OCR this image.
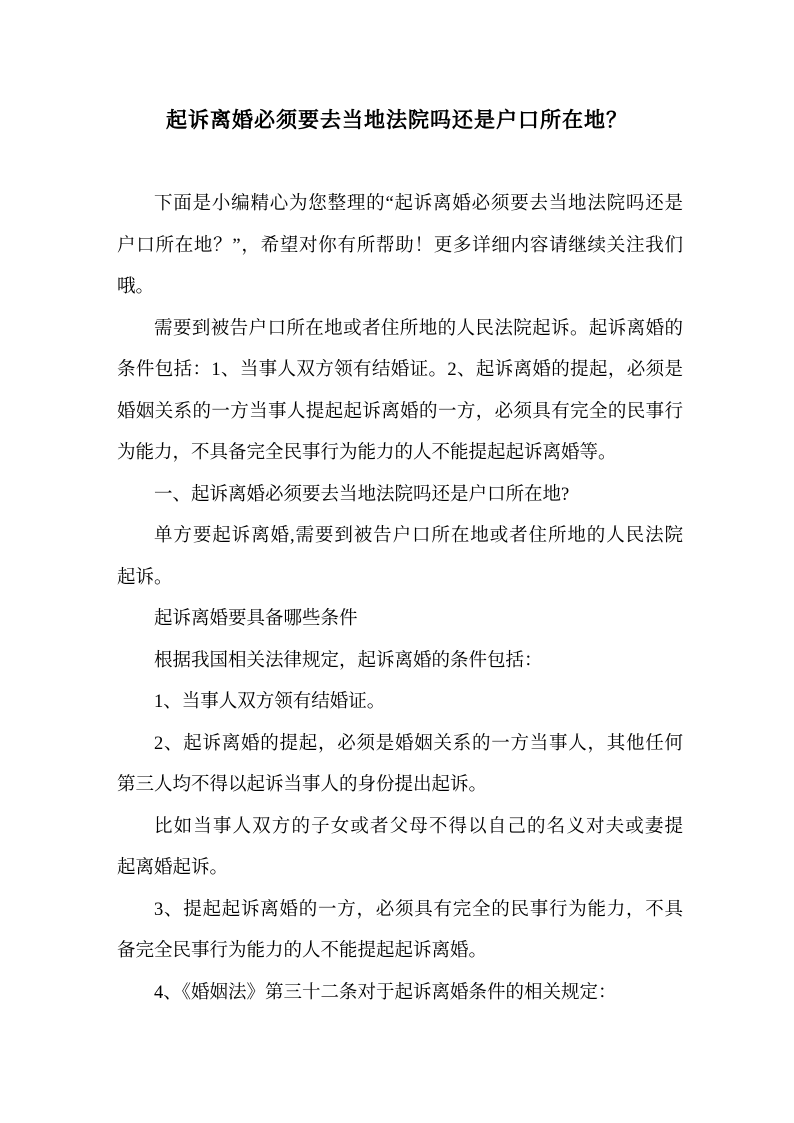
起诉离婚必须要去当地法院吗还是户口所在地？
下面是小编精心为您整理的“起诉离婚必须要去当地法院吗还是
户口所在地？”，希望对你有所帮助！更多详细内容请继续关注我们
哦。
需要到被告户口所在地或者住所地的人民法院起诉。起诉离婚的
条件包括：1、当事人双方领有结婚证。2、起诉离婚的提起，必须是
婚姻关系的一方当事人提起起诉离婚的一方，必须具有完全的民事行
为能力，不具备完全民事行为能力的人不能提起起诉离婚等。
一、起诉离婚必须要去当地法院吗还是户口所在地?
单方要起诉离婚,需要到被告户口所在地或者住所地的人民法院
起诉。
起诉离婚要具备哪些条件
根据我国相关法律规定，起诉离婚的条件包括：
1、当事人双方领有结婚证。
2、起诉离婚的提起，必须是婚姻关系的一方当事人，其他任何
第三人均不得以起诉当事人的身份提出起诉。
比如当事人双方的子女或者父母不得以自己的名义对夫或妻提
起离婚起诉。
3、提起起诉离婚的一方，必须具有完全的民事行为能力，不具
备完全民事行为能力的人不能提起起诉离婚。
4、《婚姻法》第三十二条对于起诉离婚条件的相关规定：
